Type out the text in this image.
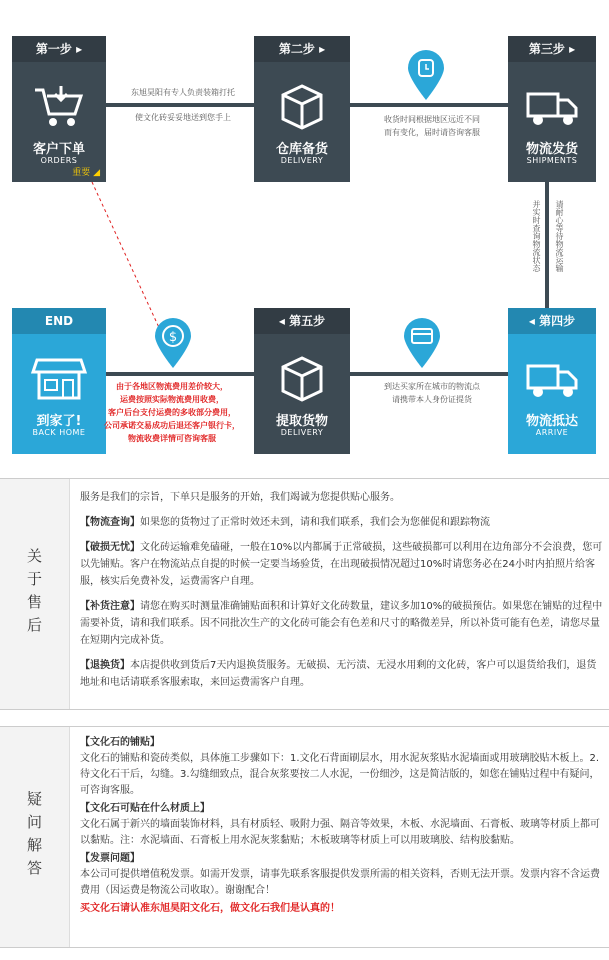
第一步 ▸
客户下单
ORDERS
重要 ◢
第二步 ▸
仓库备货
DELIVERY
第三步 ▸
物流发货
SHIPMENTS
◂ 第四步
物流抵达
ARRIVE
◂ 第五步
提取货物
DELIVERY
END
到家了!
BACK HOME
$
东旭昊阳有专人负责装箱打托
使文化砖妥妥地送到您手上	收货时间根据地区远近不同
而有变化，届时请咨询客服
并实时查询物流状态 请耐心等待物流运输
到达买家所在城市的物流点
请携带本人身份证提货
由于各地区物流费用差价较大，
运费按照实际物流费用收费，
客户后台支付运费的多收部分费用，
公司承诺交易成功后退还客户银行卡，
物流收费详情可咨询客服
关于售后

服务是我们的宗旨，下单只是服务的开始，我们竭诚为您提供贴心服务。

【物流查询】如果您的货物过了正常时效还未到，请和我们联系，我们会为您催促和跟踪物流

【破损无忧】文化砖运输难免磕碰，一般在10%以内都属于正常破损，这些破损都可以利用在边角部分不会浪费，您可以先铺贴。客户在物流站点自提的时候一定要当场验货，在出现破损情况超过10%时请您务必在24小时内拍照片给客服，核实后免费补发，运费需客户自理。

【补货注意】请您在购买时测量准确铺贴面积和计算好文化砖数量，建议多加10%的破损预估。如果您在铺贴的过程中需要补货，请和我们联系。因不同批次生产的文化砖可能会有色差和尺寸的略微差异，所以补货可能有色差，请您尽量在短期内完成补货。

【退换货】本店提供收到货后7天内退换货服务。无破损、无污渍、无浸水用剩的文化砖，客户可以退货给我们，退货地址和电话请联系客服索取，来回运费需客户自理。

疑问解答
【文化石的铺贴】
文化石的铺贴和瓷砖类似，具体施工步骤如下：1.文化石背面刷层水，用水泥灰浆贴水泥墙面或用玻璃胶贴木板上。2.待文化石干后，勾缝。3.勾缝细致点，混合灰浆要按二人水泥，一份细沙，这是简洁版的，如您在铺贴过程中有疑问，可咨询客服。
【文化石可贴在什么材质上】
文化石属于新兴的墙面装饰材料，具有材质轻、吸附力强、隔音等效果，木板、水泥墙面、石膏板、玻璃等材质上都可以黏贴。注：水泥墙面、石膏板上用水泥灰浆黏贴；木板玻璃等材质上可以用玻璃胶、结构胶黏贴。
【发票问题】
本公司可提供增值税发票。如需开发票，请事先联系客服提供发票所需的相关资料，否则无法开票。发票内容不含运费费用（因运费是物流公司收取）。谢谢配合！
买文化石请认准东旭昊阳文化石，做文化石我们是认真的！
